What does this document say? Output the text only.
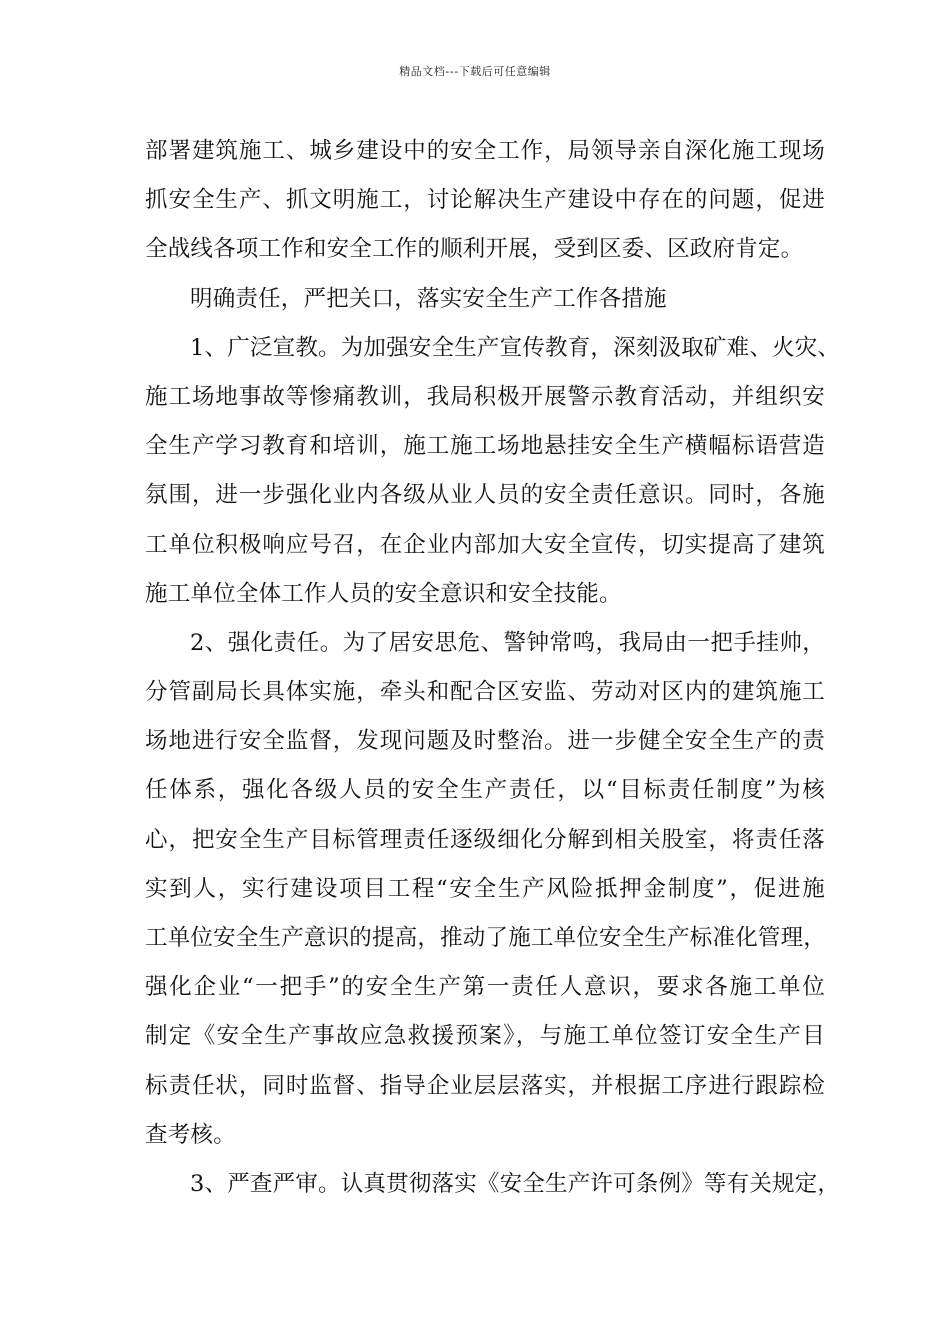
精品文档---下载后可任意编辑
部署建筑施工、城乡建设中的安全工作，局领导亲自深化施工现场
抓安全生产、抓文明施工，讨论解决生产建设中存在的问题，促进
全战线各项工作和安全工作的顺利开展，受到区委、区政府肯定。
明确责任，严把关口，落实安全生产工作各措施
1、广泛宣教。为加强安全生产宣传教育，深刻汲取矿难、火灾、
施工场地事故等惨痛教训，我局积极开展警示教育活动，并组织安
全生产学习教育和培训，施工施工场地悬挂安全生产横幅标语营造
氛围，进一步强化业内各级从业人员的安全责任意识。同时，各施
工单位积极响应号召，在企业内部加大安全宣传，切实提高了建筑
施工单位全体工作人员的安全意识和安全技能。
2、强化责任。为了居安思危、警钟常鸣，我局由一把手挂帅，
分管副局长具体实施，牵头和配合区安监、劳动对区内的建筑施工
场地进行安全监督，发现问题及时整治。进一步健全安全生产的责
任体系，强化各级人员的安全生产责任，以“目标责任制度”为核
心，把安全生产目标管理责任逐级细化分解到相关股室，将责任落
实到人，实行建设项目工程“安全生产风险抵押金制度”，促进施
工单位安全生产意识的提高，推动了施工单位安全生产标准化管理，
强化企业“一把手”的安全生产第一责任人意识，要求各施工单位
制定《安全生产事故应急救援预案》，与施工单位签订安全生产目
标责任状，同时监督、指导企业层层落实，并根据工序进行跟踪检
查考核。
3、严查严审。认真贯彻落实《安全生产许可条例》等有关规定，
